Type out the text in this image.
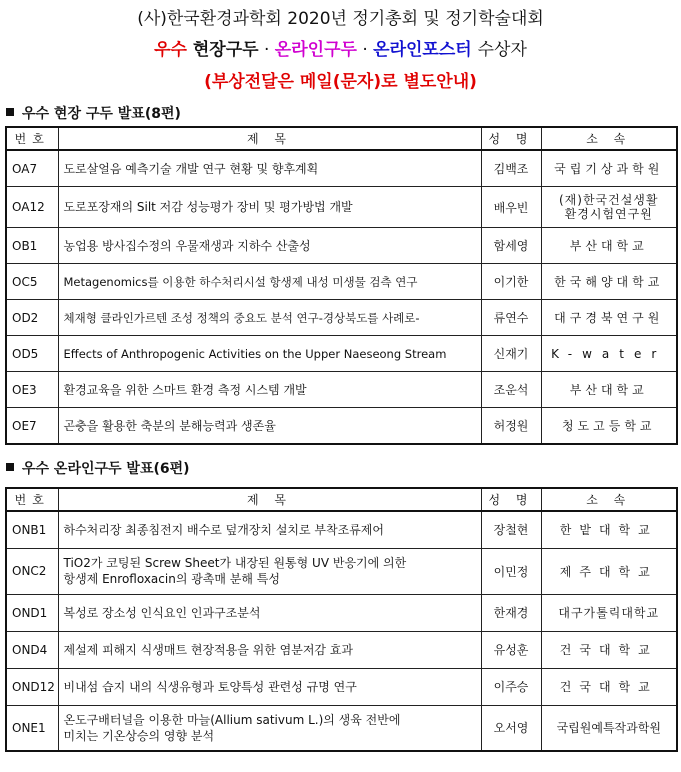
(사)한국환경과학회 2020년 정기총회 및 정기학술대회
우수 현장구두 · 온라인구두 · 온라인포스터 수상자
(부상전달은 메일(문자)로 별도안내)
우수 현장 구두 발표(8편)
번호	제 목	성 명	소 속
OA7	도로살얼음 예측기술 개발 연구 현황 및 향후계획	김백조	국립기상과학원
OA12	도로포장재의 Silt 저감 성능평가 장비 및 평가방법 개발	배우빈	(재)한국건설생활
환경시험연구원

OB1	농업용 방사집수정의 우물재생과 지하수 산출성	함세영	부산대학교
OC5	Metagenomics를 이용한 하수처리시설 항생제 내성 미생물 검측 연구	이기한	한국해양대학교
OD2	체재형 클라인가르텐 조성 정책의 중요도 분석 연구-경상북도를 사례로-	류연수	대구경북연구원
OD5	Effects of Anthropogenic Activities on the Upper Naeseong Stream	신재기	K-water
OE3	환경교육을 위한 스마트 환경 측정 시스템 개발	조운석	부산대학교
OE7	곤충을 활용한 축분의 분해능력과 생존율	허정원	청도고등학교
우수 온라인구두 발표(6편)
번호	제 목	성 명	소 속
ONB1	하수처리장 최종침전지 배수로 덮개장치 설치로 부착조류제어	장철현	한밭대학교
ONC2	TiO2가 코팅된 Screw Sheet가 내장된 원통형 UV 반응기에 의한
항생제 Enrofloxacin의 광촉매 분해 특성	이민정	제주대학교
OND1	복성로 장소성 인식요인 인과구조분석	한재경	대구가톨릭대학교
OND4	제설제 피해지 식생매트 현장적용을 위한 염분저감 효과	유성훈	건국대학교
OND12	비내섬 습지 내의 식생유형과 토양특성 관련성 규명 연구	이주승	건국대학교
ONE1	온도구배터널을 이용한 마늘(Allium sativum L.)의 생육 전반에
미치는 기온상승의 영향 분석	오서영	국립원예특작과학원
